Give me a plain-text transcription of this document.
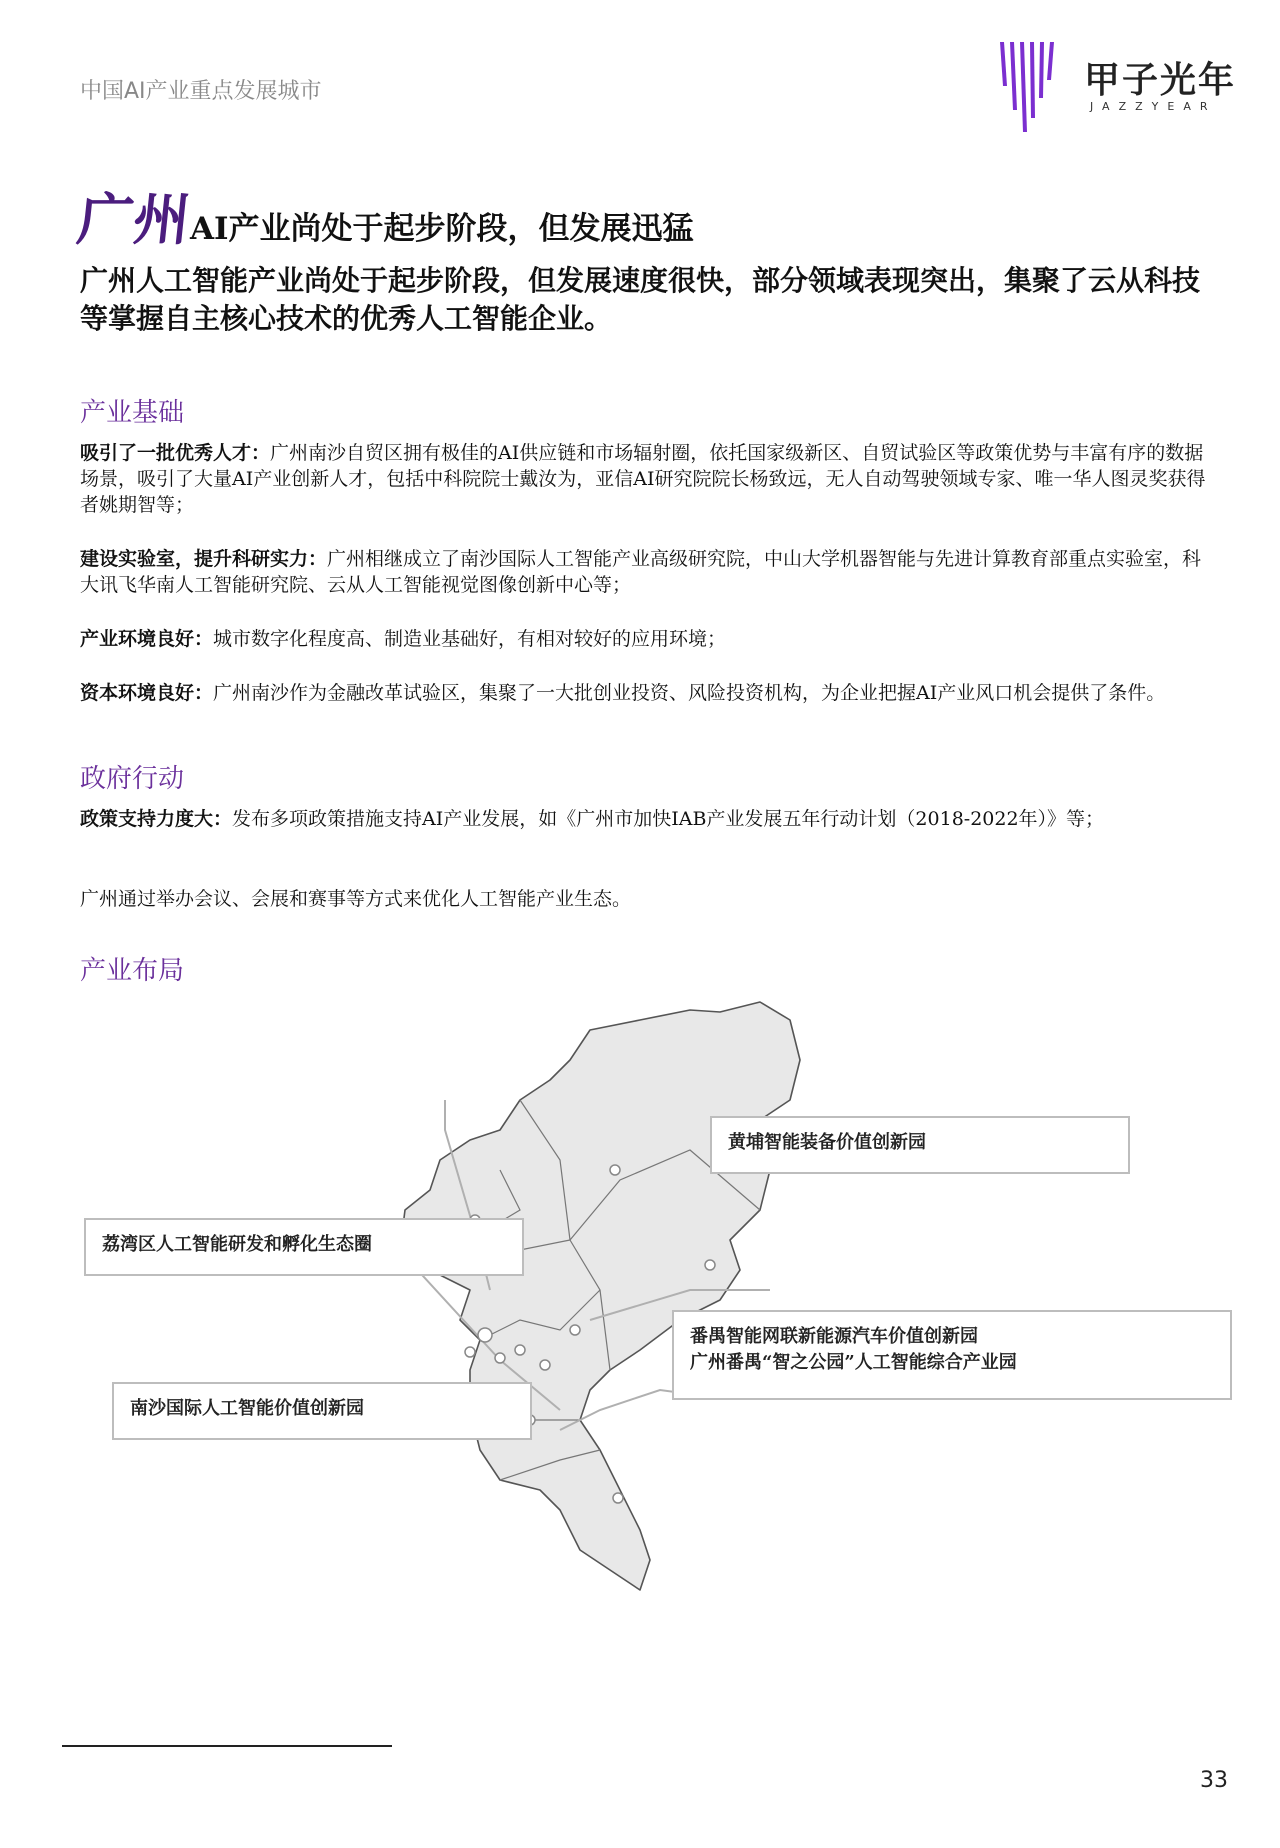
中国AI产业重点发展城市	甲子光年
JAZZYEAR
广州AI产业尚处于起步阶段，但发展迅猛
广州人工智能产业尚处于起步阶段，但发展速度很快，部分领域表现突出，集聚了云从科技等掌握自主核心技术的优秀人工智能企业。
产业基础
吸引了一批优秀人才：广州南沙自贸区拥有极佳的AI供应链和市场辐射圈，依托国家级新区、自贸试验区等政策优势与丰富有序的数据场景，吸引了大量AI产业创新人才，包括中科院院士戴汝为，亚信AI研究院院长杨致远，无人自动驾驶领域专家、唯一华人图灵奖获得者姚期智等；
建设实验室，提升科研实力：广州相继成立了南沙国际人工智能产业高级研究院，中山大学机器智能与先进计算教育部重点实验室，科大讯飞华南人工智能研究院、云从人工智能视觉图像创新中心等；
产业环境良好：城市数字化程度高、制造业基础好，有相对较好的应用环境；
资本环境良好：广州南沙作为金融改革试验区，集聚了一大批创业投资、风险投资机构，为企业把握AI产业风口机会提供了条件。
政府行动
政策支持力度大：发布多项政策措施支持AI产业发展，如《广州市加快IAB产业发展五年行动计划（2018-2022年）》等；
广州通过举办会议、会展和赛事等方式来优化人工智能产业生态。
产业布局
黄埔智能装备价值创新园
荔湾区人工智能研发和孵化生态圈
番禺智能网联新能源汽车价值创新园
广州番禺“智之公园”人工智能综合产业园
南沙国际人工智能价值创新园
33
